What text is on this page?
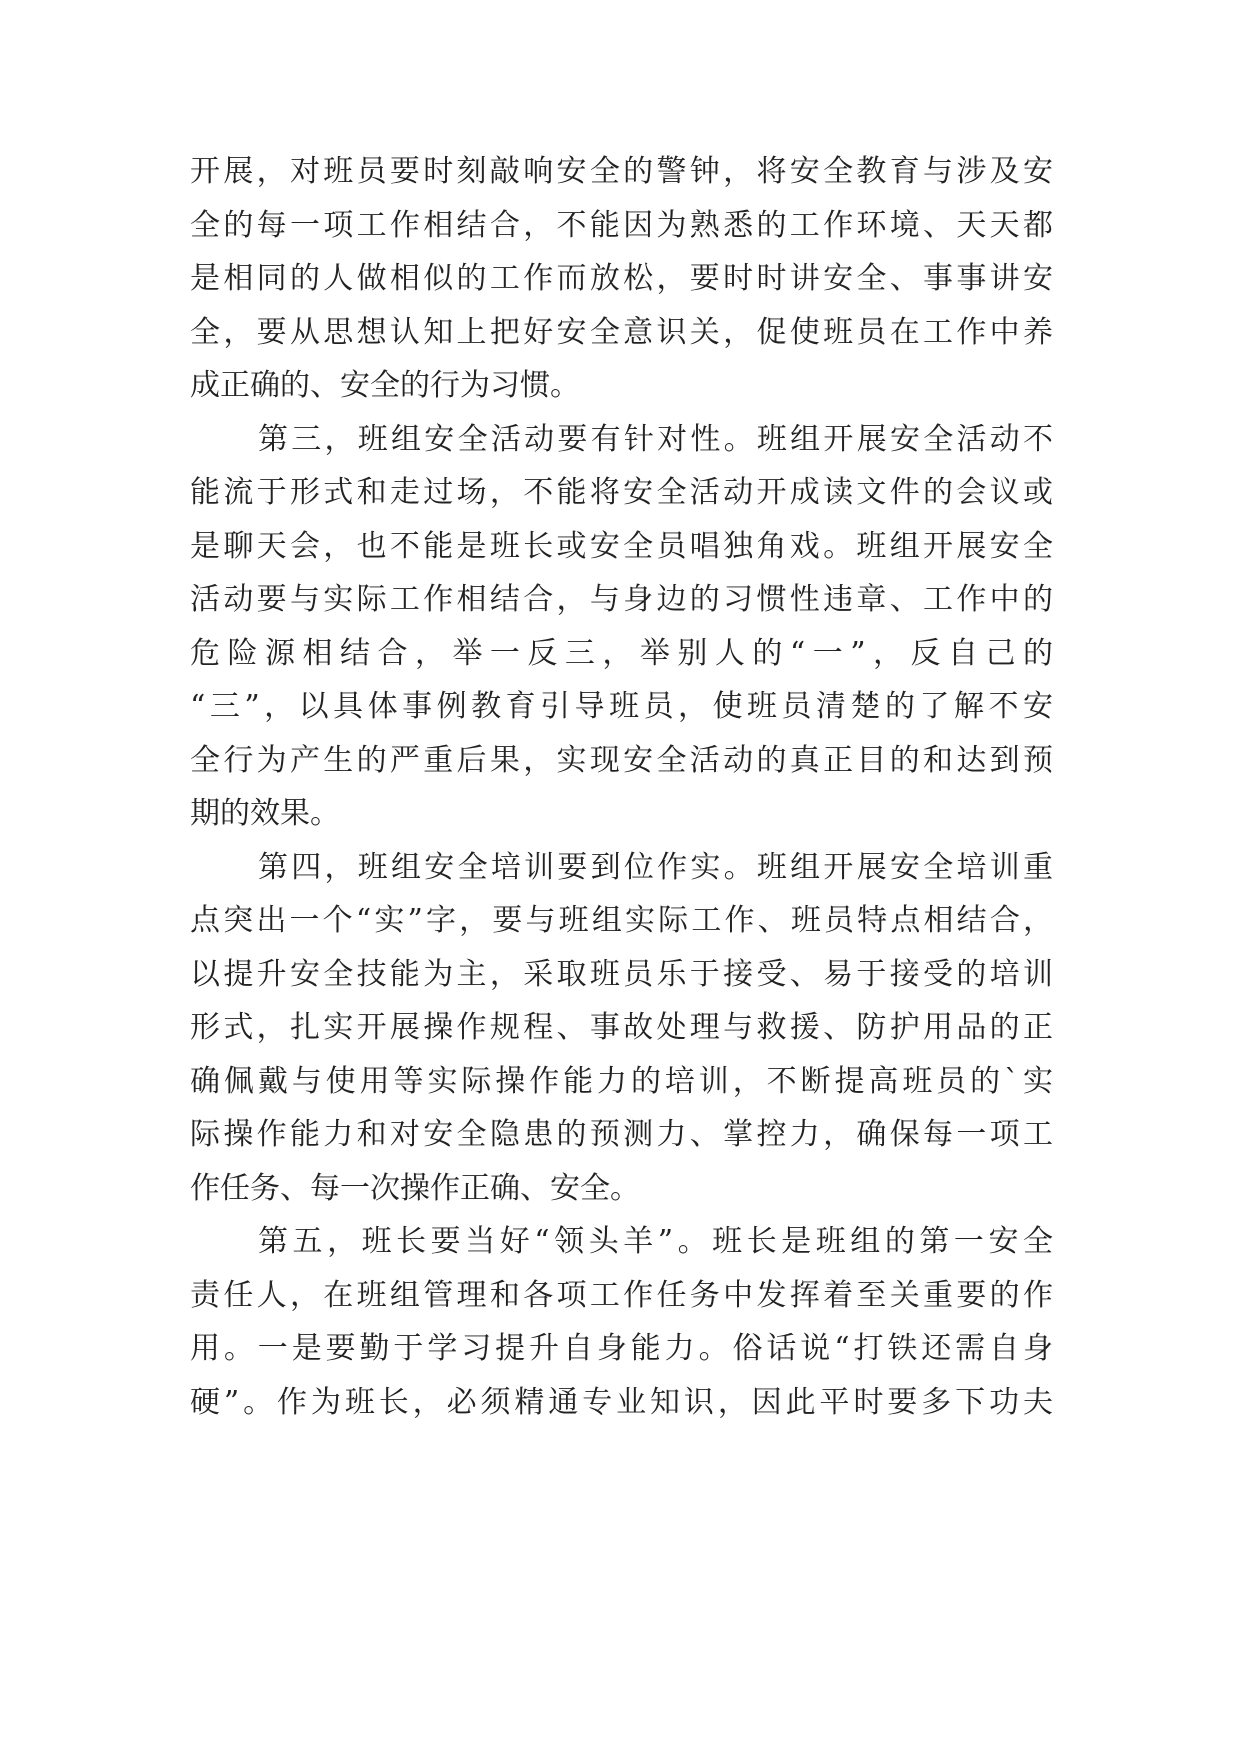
开展，对班员要时刻敲响安全的警钟，将安全教育与涉及安
全的每一项工作相结合，不能因为熟悉的工作环境、天天都
是相同的人做相似的工作而放松，要时时讲安全、事事讲安
全，要从思想认知上把好安全意识关，促使班员在工作中养
成正确的、安全的行为习惯。
第三，班组安全活动要有针对性。班组开展安全活动不
能流于形式和走过场，不能将安全活动开成读文件的会议或
是聊天会，也不能是班长或安全员唱独角戏。班组开展安全
活动要与实际工作相结合，与身边的习惯性违章、工作中的
危险源相结合，举一反三，举别人的“一”，反自己的
“三”，以具体事例教育引导班员，使班员清楚的了解不安
全行为产生的严重后果，实现安全活动的真正目的和达到预
期的效果。
第四，班组安全培训要到位作实。班组开展安全培训重
点突出一个“实”字，要与班组实际工作、班员特点相结合，
以提升安全技能为主，采取班员乐于接受、易于接受的培训
形式，扎实开展操作规程、事故处理与救援、防护用品的正
确佩戴与使用等实际操作能力的培训，不断提高班员的`实
际操作能力和对安全隐患的预测力、掌控力，确保每一项工
作任务、每一次操作正确、安全。
第五，班长要当好“领头羊”。班长是班组的第一安全
责任人，在班组管理和各项工作任务中发挥着至关重要的作
用。一是要勤于学习提升自身能力。俗话说“打铁还需自身
硬”。作为班长，必须精通专业知识，因此平时要多下功夫
